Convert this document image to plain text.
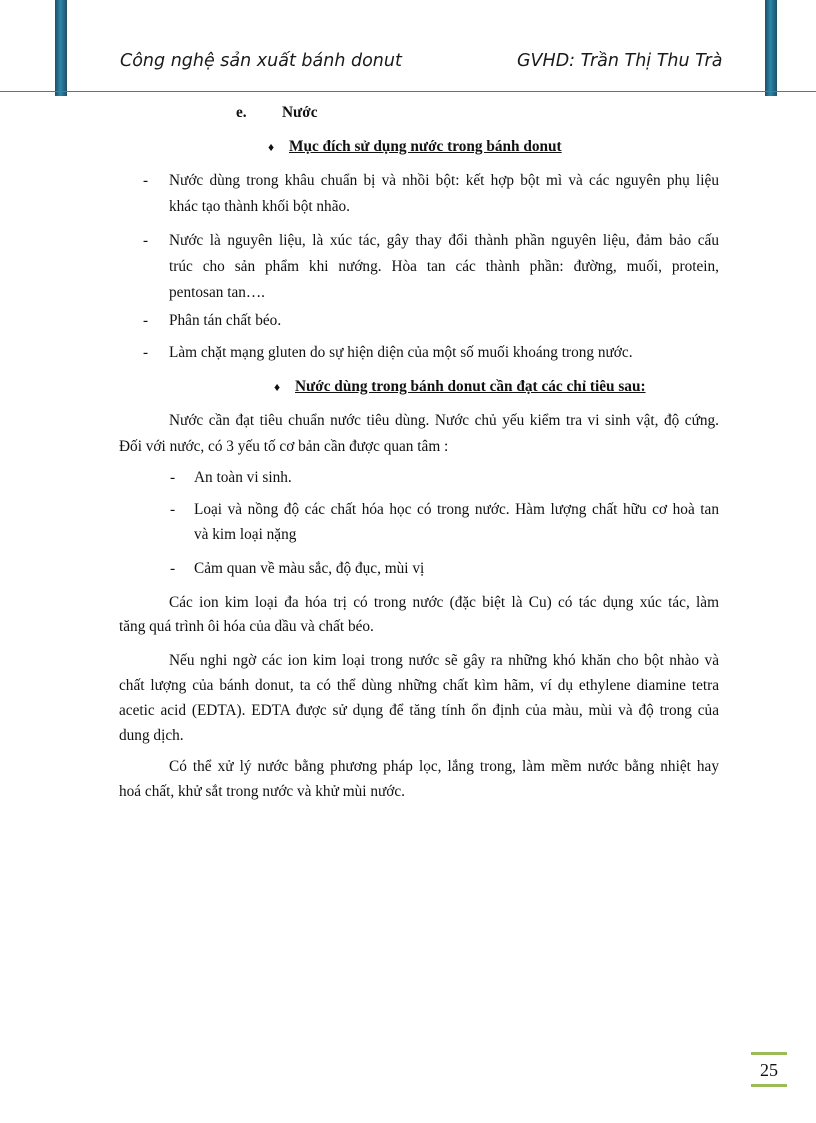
Công nghệ sản xuất bánh donut	GVHD: Trần Thị Thu Trà
e. Nước
♦ Mục đích sử dụng nước trong bánh donut
- Nước dùng trong khâu chuẩn bị và nhồi bột: kết hợp bột mì và các nguyên phụ liệu
khác tạo thành khối bột nhão.
- Nước là nguyên liệu, là xúc tác, gây thay đổi thành phần nguyên liệu, đảm bảo cấu
trúc cho sản phẩm khi nướng. Hòa tan các thành phần: đường, muối, protein,
pentosan tan….
- Phân tán chất béo.
- Làm chặt mạng gluten do sự hiện diện của một số muối khoáng trong nước.
♦ Nước dùng trong bánh donut cần đạt các chỉ tiêu sau:
Nước cần đạt tiêu chuẩn nước tiêu dùng. Nước chủ yếu kiểm tra vi sinh vật, độ cứng.
Đối với nước, có 3 yếu tố cơ bản cần được quan tâm :
- An toàn vi sinh.
- Loại và nồng độ các chất hóa học có trong nước. Hàm lượng chất hữu cơ hoà tan
và kim loại nặng
- Cảm quan về màu sắc, độ đục, mùi vị
Các ion kim loại đa hóa trị có trong nước (đặc biệt là Cu) có tác dụng xúc tác, làm
tăng quá trình ôi hóa của dầu và chất béo.
Nếu nghi ngờ các ion kim loại trong nước sẽ gây ra những khó khăn cho bột nhào và
chất lượng của bánh donut, ta có thể dùng những chất kìm hãm, ví dụ ethylene diamine tetra
acetic acid (EDTA). EDTA được sử dụng để tăng tính ổn định của màu, mùi và độ trong của
dung dịch.
Có thể xử lý nước bằng phương pháp lọc, lắng trong, làm mềm nước bằng nhiệt hay
hoá chất, khử sắt trong nước và khử mùi nước.
25
